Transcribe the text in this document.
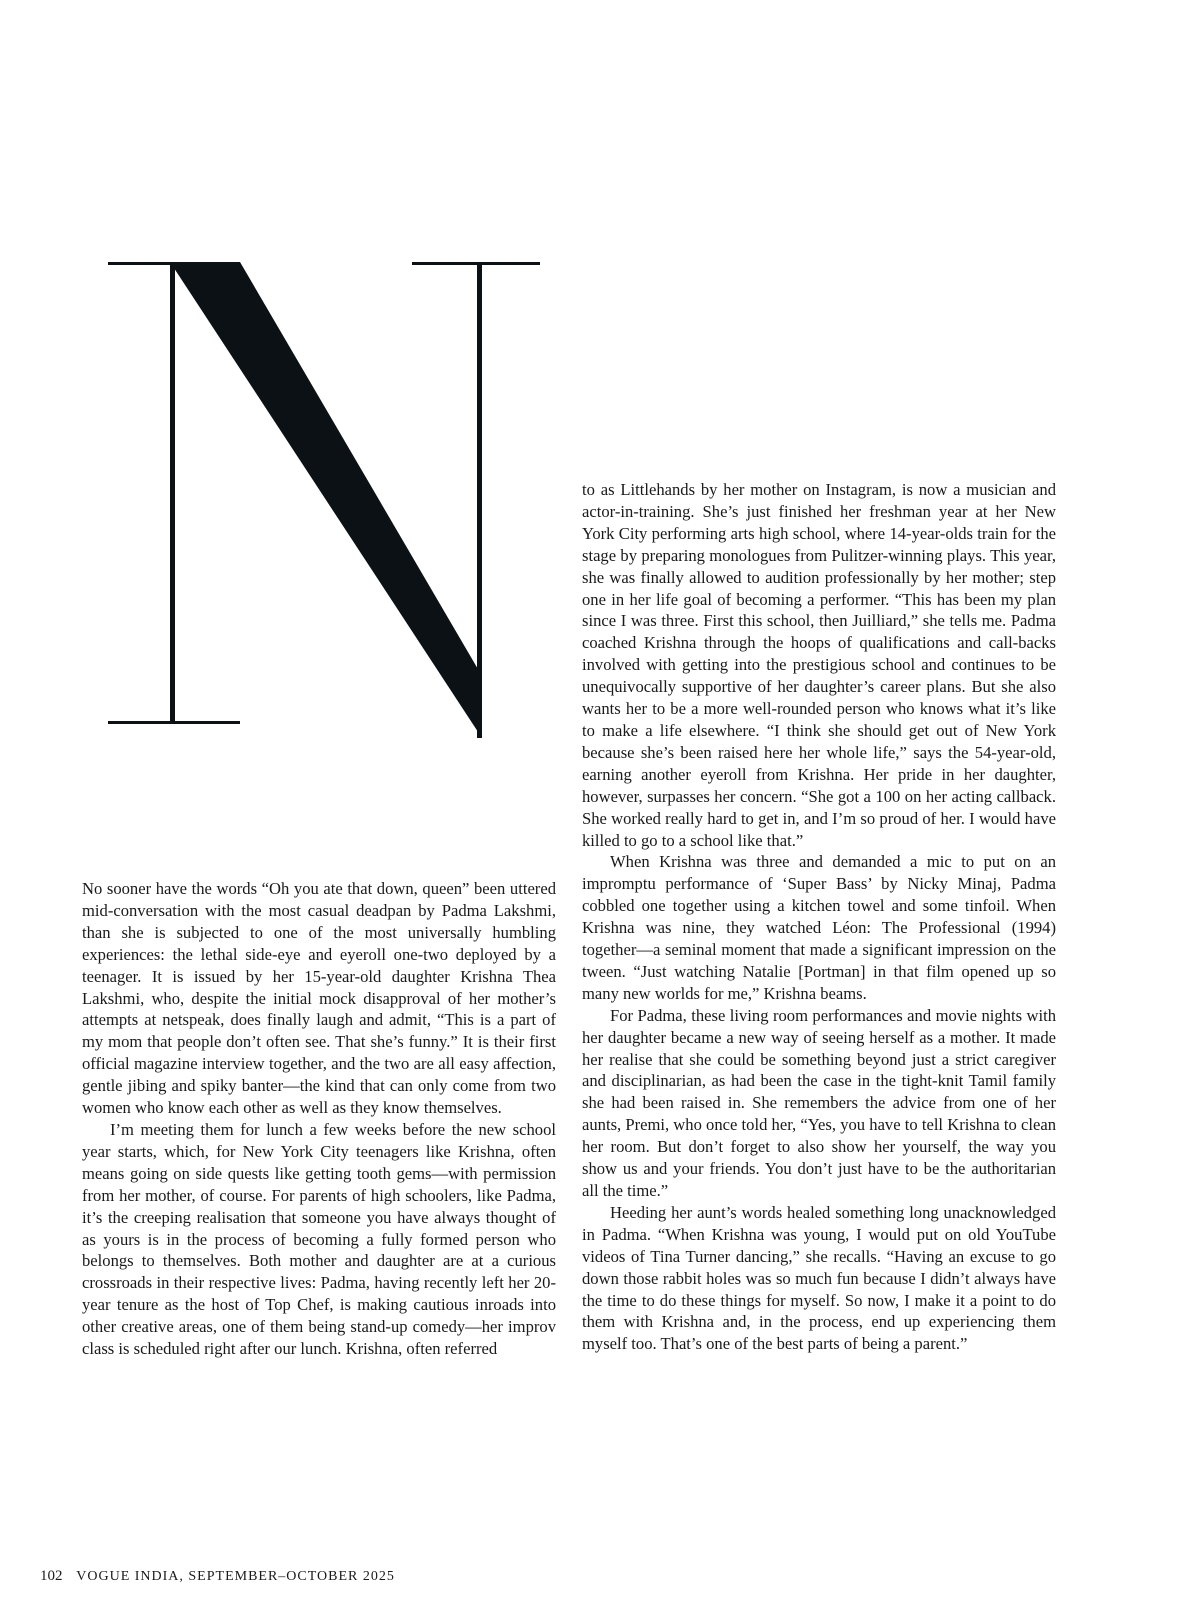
No sooner have the words “Oh you ate that down, queen” been uttered mid-conversation with the most casual deadpan by Padma Lakshmi, than she is subjected to one of the most universally humbling experiences: the lethal side-eye and eyeroll one-two deployed by a teenager. It is issued by her 15-year-old daughter Krishna Thea Lakshmi, who, despite the initial mock disapproval of her mother’s attempts at netspeak, does finally laugh and admit, “This is a part of my mom that people don’t often see. That she’s funny.” It is their first official magazine interview together, and the two are all easy affection, gentle jibing and spiky banter—the kind that can only come from two women who know each other as well as they know themselves.

I’m meeting them for lunch a few weeks before the new school year starts, which, for New York City teenagers like Krishna, often means going on side quests like getting tooth gems—with permission from her mother, of course. For parents of high schoolers, like Padma, it’s the creeping realisation that someone you have always thought of as yours is in the process of becoming a fully formed person who belongs to themselves. Both mother and daughter are at a curious crossroads in their respective lives: Padma, having recently left her 20-year tenure as the host of Top Chef, is making cautious inroads into other creative areas, one of them being stand-up comedy—her improv class is scheduled right after our lunch. Krishna, often referred

to as Littlehands by her mother on Instagram, is now a musician and actor-in-training. She’s just finished her freshman year at her New York City performing arts high school, where 14-year-olds train for the stage by preparing monologues from Pulitzer-winning plays. This year, she was finally allowed to audition professionally by her mother; step one in her life goal of becoming a performer. “This has been my plan since I was three. First this school, then Juilliard,” she tells me. Padma coached Krishna through the hoops of qualifications and call-backs involved with getting into the prestigious school and continues to be unequivocally supportive of her daughter’s career plans. But she also wants her to be a more well-rounded person who knows what it’s like to make a life elsewhere. “I think she should get out of New York because she’s been raised here her whole life,” says the 54-year-old, earning another eyeroll from Krishna. Her pride in her daughter, however, surpasses her concern. “She got a 100 on her acting callback. She worked really hard to get in, and I’m so proud of her. I would have killed to go to a school like that.”

When Krishna was three and demanded a mic to put on an impromptu performance of ‘Super Bass’ by Nicky Minaj, Padma cobbled one together using a kitchen towel and some tinfoil. When Krishna was nine, they watched Léon: The Professional (1994) together—a seminal moment that made a significant impression on the tween. “Just watching Natalie [Portman] in that film opened up so many new worlds for me,” Krishna beams.

For Padma, these living room performances and movie nights with her daughter became a new way of seeing herself as a mother. It made her realise that she could be something beyond just a strict caregiver and disciplinarian, as had been the case in the tight-knit Tamil family she had been raised in. She remembers the advice from one of her aunts, Premi, who once told her, “Yes, you have to tell Krishna to clean her room. But don’t forget to also show her yourself, the way you show us and your friends. You don’t just have to be the authoritarian all the time.”

Heeding her aunt’s words healed something long unacknowledged in Padma. “When Krishna was young, I would put on old YouTube videos of Tina Turner dancing,” she recalls. “Having an excuse to go down those rabbit holes was so much fun because I didn’t always have the time to do these things for myself. So now, I make it a point to do them with Krishna and, in the process, end up experiencing them myself too. That’s one of the best parts of being a parent.”

102 VOGUE INDIA, SEPTEMBER–OCTOBER 2025
